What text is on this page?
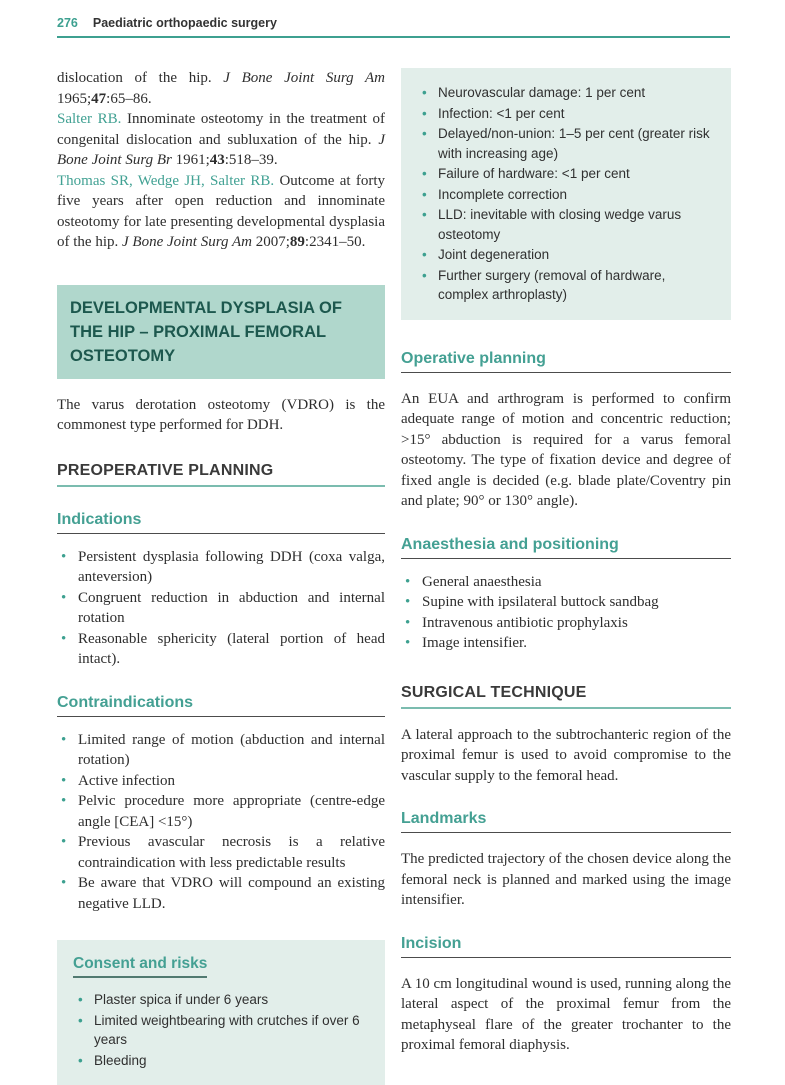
276 Paediatric orthopaedic surgery

dislocation of the hip. J Bone Joint Surg Am 1965;47:65–86.

Salter RB. Innominate osteotomy in the treatment of congenital dislocation and subluxation of the hip. J Bone Joint Surg Br 1961;43:518–39.

Thomas SR, Wedge JH, Salter RB. Outcome at forty five years after open reduction and innominate osteotomy for late presenting developmental dysplasia of the hip. J Bone Joint Surg Am 2007;89:2341–50.

DEVELOPMENTAL DYSPLASIA OF THE HIP – PROXIMAL FEMORAL OSTEOTOMY

The varus derotation osteotomy (VDRO) is the commonest type performed for DDH.

PREOPERATIVE PLANNING
Indications
• Persistent dysplasia following DDH (coxa valga, anteversion)
• Congruent reduction in abduction and internal rotation
• Reasonable sphericity (lateral portion of head intact).
Contraindications
• Limited range of motion (abduction and internal rotation)
• Active infection
• Pelvic procedure more appropriate (centre-edge angle [CEA] <15°)
• Previous avascular necrosis is a relative contraindication with less predictable results
• Be aware that VDRO will compound an existing negative LLD.
Consent and risks
• Plaster spica if under 6 years
• Limited weightbearing with crutches if over 6 years
• Bleeding
• Neurovascular damage: 1 per cent
• Infection: <1 per cent
• Delayed/non-union: 1–5 per cent (greater risk with increasing age)
• Failure of hardware: <1 per cent
• Incomplete correction
• LLD: inevitable with closing wedge varus osteotomy
• Joint degeneration
• Further surgery (removal of hardware, complex arthroplasty)
Operative planning

An EUA and arthrogram is performed to confirm adequate range of motion and concentric reduction; >15° abduction is required for a varus femoral osteotomy. The type of fixation device and degree of fixed angle is decided (e.g. blade plate/Coventry pin and plate; 90° or 130° angle).

Anaesthesia and positioning
• General anaesthesia
• Supine with ipsilateral buttock sandbag
• Intravenous antibiotic prophylaxis
• Image intensifier.
SURGICAL TECHNIQUE

A lateral approach to the subtrochanteric region of the proximal femur is used to avoid compromise to the vascular supply to the femoral head.

Landmarks

The predicted trajectory of the chosen device along the femoral neck is planned and marked using the image intensifier.

Incision

A 10 cm longitudinal wound is used, running along the lateral aspect of the proximal femur from the metaphyseal flare of the greater trochanter to the proximal femoral diaphysis.
